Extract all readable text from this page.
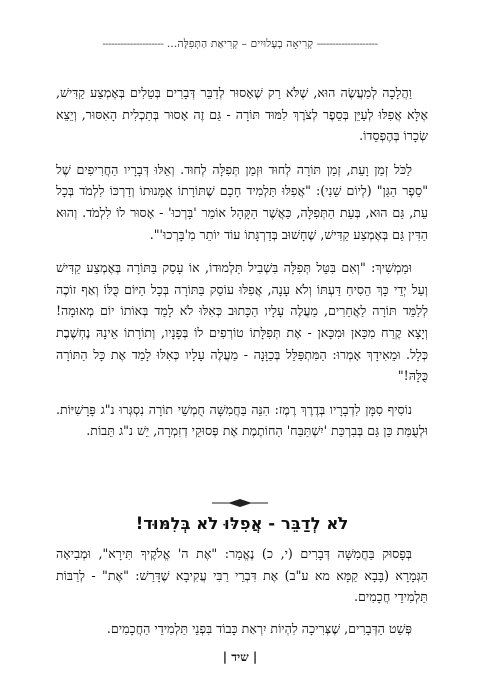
-------------------- קְרִיאָה בְעָלוּיִים – קְרִיאַת הַתְּפִלָּה... --------------------

וַהֲלָכָה לְמַעֲשֶׂה הוּא, שֶׁלֹּא רַק שֶׁאָסוּר לְדַבֵּר דְּבָרִים בְּטֵלִים בְּאֶמְצַע קַדִּישׁ, אֶלָּא אֲפִלּוּ לְעַיֵּן בְּסֵפֶר לְצֹרֶךְ לִמּוּד תּוֹרָה - גַּם זֶה אָסוּר בְּתַכְלִית הָאִסּוּר, וְיֵצֵא שְׂכָרוֹ בְּהֶפְסֵדוֹ.

לַכֹּל זְמַן וָעֵת, זְמַן תּוֹרָה לְחוּד וּזְמַן תְּפִלָּה לְחוּד. וְאֵלּוּ דְּבָרָיו הַחֲרִיפִים שֶׁל "סֵפֶר הַגַּן" (לְיוֹם שֵׁנִי): "אֲפִלּוּ תַּלְמִיד חָכָם שֶׁתּוֹרָתוֹ אֻמָּנוּתוֹ וְדַרְכּוֹ לִלְמֹד בְּכָל עֵת, גַּם הוּא, בְּעֵת הַתְּפִלָּה, כַּאֲשֶׁר הַקָּהָל אוֹמֵר 'בָּרְכוּ' - אָסוּר לוֹ לִלְמֹד. וְהוּא הַדִּין גַּם בְּאֶמְצַע קַדִּישׁ, שֶׁחָשׁוּב בְּדַרְגָּתוֹ עוֹד יוֹתֵר מִ'בָּרְכוּ'".

וּמַמְשִׁיךְ: "וְאִם בִּטֵּל תְּפִלָּה בִּשְׁבִיל תַּלְמוּדוֹ, אוֹ עָסַק בַּתּוֹרָה בְּאֶמְצַע קַדִּישׁ וְעַל יְדֵי כָּךְ הֵסִיחַ דַּעְתּוֹ וְלֹא עָנָה, אֲפִלּוּ עוֹסֵק בַּתּוֹרָה בְּכָל הַיּוֹם כֻּלּוֹ וְאַף זוֹכֶה לְלַמֵּד תּוֹרָה לַאֲחֵרִים, מַעֲלֶה עָלָיו הַכָּתוּב כְּאִלּוּ לֹא לָמַד בְּאוֹתוֹ יוֹם מְאוּמָה! וְיָצָא קֶרַח מִכָּאן וּמִכָּאן - אֶת תְּפִלָּתוֹ טוֹרְפִים לוֹ בְּפָנָיו, וְתוֹרָתוֹ אֵינָהּ נֶחְשֶׁבֶת כְּלָל. וּמֵאִידָךְ אָמְרוּ: הַמִּתְפַּלֵּל בְּכַוָּנָה - מַעֲלֶה עָלָיו כְּאִלּוּ לָמַד אֶת כָּל הַתּוֹרָה כֻּלָּהּ!"

נוֹסִיף סִמָּן לִדְבָרָיו בְּדֶרֶךְ רֶמֶז: הִנֵּה בַּחֲמִשָּׁה חֻמְשֵׁי תוֹרָה נִסְגְּרוּ נ"ג פָּרָשִׁיּוֹת. וּלְעֻמַּת כֵּן גַּם בְּבִרְכַּת 'יִשְׁתַּבַּח' הַחוֹתֶמֶת אֶת פְּסוּקֵי דְזִמְרָה, יֵשׁ נ"ג תֵּבוֹת.

לֹא לְדַבֵּר - אֲפִלּוּ לֹא בְּלִמּוּד!

בְּפָסוּק בַּחֲמִשָּׁה דְּבָרִים (י, כ) נֶאֱמַר: "אֶת ה' אֱלֹקֶיךָ תִּירָא", וּמְבִיאָה הַגְּמָרָא (בָּבָא קַמָּא מא ע"ב) אֶת דִּבְרֵי רַבִּי עֲקִיבָא שֶׁדָּרַשׁ: "אֶת" - לְרַבּוֹת תַּלְמִידֵי חֲכָמִים.

פְּשַׁט הַדְּבָרִים, שֶׁצְּרִיכָה לִהְיוֹת יִרְאַת כָּבוֹד בִּפְנֵי תַּלְמִידֵי הַחֲכָמִים.

| שיד |
